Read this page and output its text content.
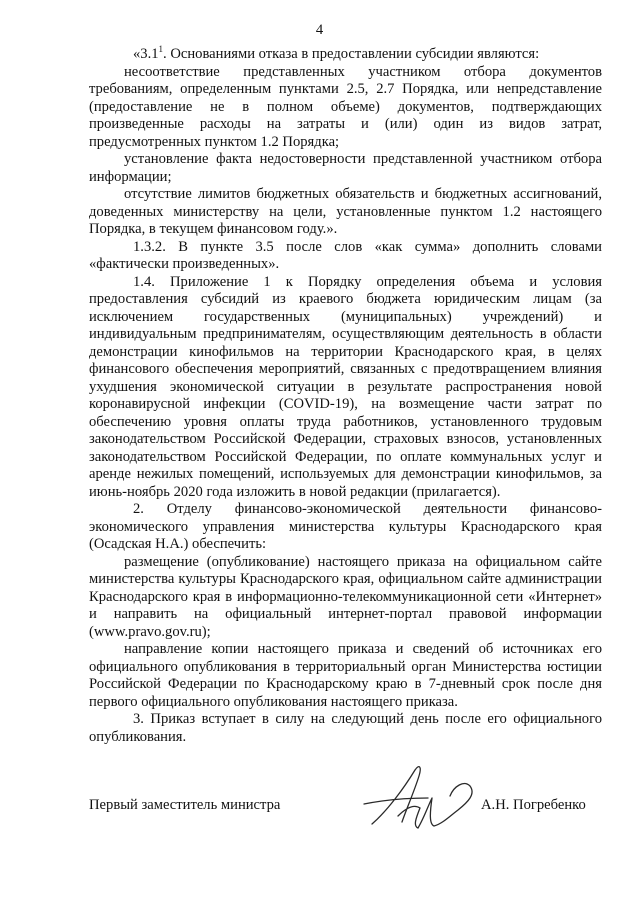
4

«$3.1^1$. Основаниями отказа в предоставлении субсидии являются:

несоответствие представленных участником отбора документов требованиям, определенным пунктами 2.5, 2.7 Порядка, или непредставление (предоставление не в полном объеме) документов, подтверждающих произведенные расходы на затраты и (или) один из видов затрат, предусмотренных пунктом 1.2 Порядка;

установление факта недостоверности представленной участником отбора информации;

отсутствие лимитов бюджетных обязательств и бюджетных ассигнований, доведенных министерству на цели, установленные пунктом 1.2 настоящего Порядка, в текущем финансовом году.».

1.3.2. В пункте 3.5 после слов «как сумма» дополнить словами «фактически произведенных».

1.4. Приложение 1 к Порядку определения объема и условия предоставления субсидий из краевого бюджета юридическим лицам (за исключением государственных (муниципальных) учреждений) и индивидуальным предпринимателям, осуществляющим деятельность в области демонстрации кинофильмов на территории Краснодарского края, в целях финансового обеспечения мероприятий, связанных с предотвращением влияния ухудшения экономической ситуации в результате распространения новой коронавирусной инфекции (COVID-19), на возмещение части затрат по обеспечению уровня оплаты труда работников, установленного трудовым законодательством Российской Федерации, страховых взносов, установленных законодательством Российской Федерации, по оплате коммунальных услуг и аренде нежилых помещений, используемых для демонстрации кинофильмов, за июнь-ноябрь 2020 года изложить в новой редакции (прилагается).

2. Отделу финансово-экономической деятельности финансово-экономического управления министерства культуры Краснодарского края (Осадская Н.А.) обеспечить:

размещение (опубликование) настоящего приказа на официальном сайте министерства культуры Краснодарского края, официальном сайте администрации Краснодарского края в информационно-телекоммуникационной сети «Интернет» и направить на официальный интернет-портал правовой информации (www.pravo.gov.ru);

направление копии настоящего приказа и сведений об источниках его официального опубликования в территориальный орган Министерства юстиции Российской Федерации по Краснодарскому краю в 7-дневный срок после дня первого официального опубликования настоящего приказа.

3. Приказ вступает в силу на следующий день после его официального опубликования.

Первый заместитель министра	А.Н. Погребенко
